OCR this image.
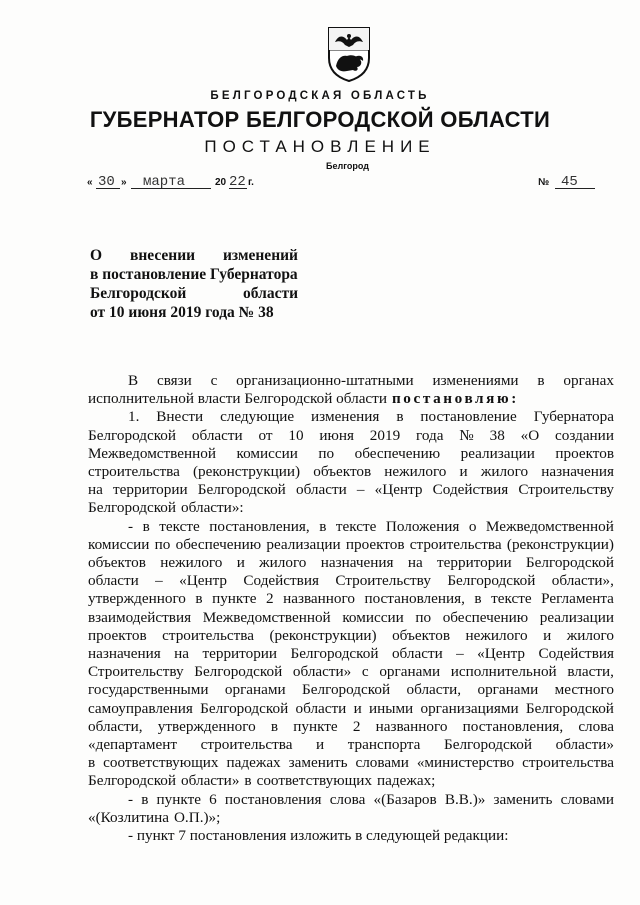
БЕЛГОРОДСКАЯ ОБЛАСТЬ
ГУБЕРНАТОР БЕЛГОРОДСКОЙ ОБЛАСТИ
ПОСТАНОВЛЕНИЕ
Белгород
« 30 » марта	20 22 г.	№ 45
О внесении изменений
в постановление Губернатора
Белгородской	области
от 10 июня 2019 года № 38
В связи с организационно-штатными изменениями в органах
исполнительной власти Белгородской области постановляю:
1. Внести следующие изменения в постановление Губернатора
Белгородской области от 10 июня 2019 года № 38 «О создании
Межведомственной комиссии по обеспечению реализации проектов
строительства (реконструкции) объектов нежилого и жилого назначения
на территории Белгородской области – «Центр Содействия Строительству
Белгородской области»:
- в тексте постановления, в тексте Положения о Межведомственной
комиссии по обеспечению реализации проектов строительства (реконструкции)
объектов нежилого и жилого назначения на территории Белгородской
области – «Центр Содействия Строительству Белгородской области»,
утвержденного в пункте 2 названного постановления, в тексте Регламента
взаимодействия Межведомственной комиссии по обеспечению реализации
проектов строительства (реконструкции) объектов нежилого и жилого
назначения на территории Белгородской области – «Центр Содействия
Строительству Белгородской области» с органами исполнительной власти,
государственными органами Белгородской области, органами местного
самоуправления Белгородской области и иными организациями Белгородской
области, утвержденного в пункте 2 названного постановления, слова
«департамент строительства и транспорта Белгородской области»
в соответствующих падежах заменить словами «министерство строительства
Белгородской области» в соответствующих падежах;
- в пункте 6 постановления слова «(Базаров В.В.)» заменить словами
«(Козлитина О.П.)»;
- пункт 7 постановления изложить в следующей редакции:
